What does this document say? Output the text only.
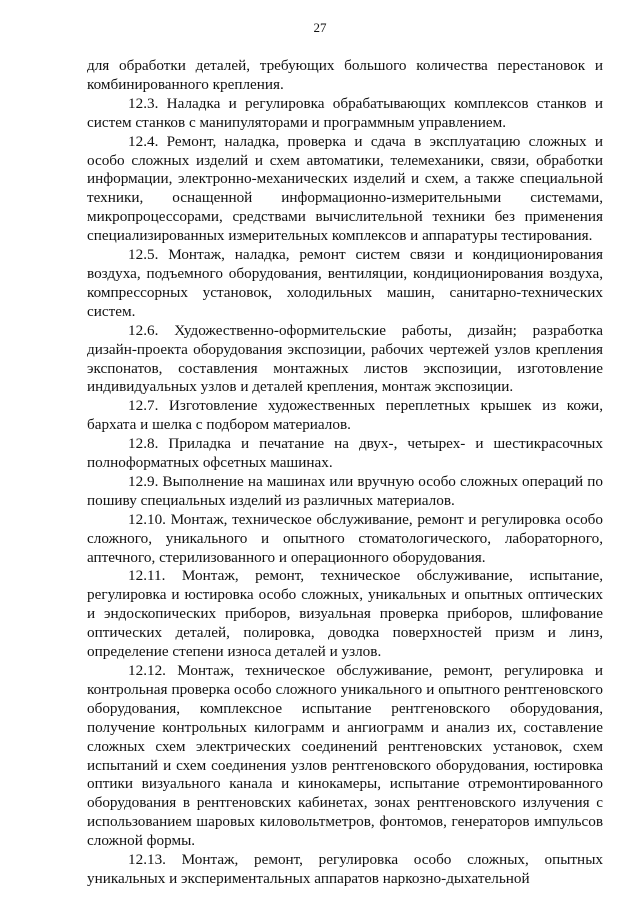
27

для обработки деталей, требующих большого количества перестановок и комбинированного крепления.

12.3. Наладка и регулировка обрабатывающих комплексов станков и систем станков с манипуляторами и программным управлением.

12.4. Ремонт, наладка, проверка и сдача в эксплуатацию сложных и особо сложных изделий и схем автоматики, телемеханики, связи, обработки информации, электронно-механических изделий и схем, а также специальной техники, оснащенной информационно-измерительными системами, микропроцессорами, средствами вычислительной техники без применения специализированных измерительных комплексов и аппаратуры тестирования.

12.5. Монтаж, наладка, ремонт систем связи и кондиционирования воздуха, подъемного оборудования, вентиляции, кондиционирования воздуха, компрессорных установок, холодильных машин, санитарно-технических систем.

12.6. Художественно-оформительские работы, дизайн; разработка дизайн-проекта оборудования экспозиции, рабочих чертежей узлов крепления экспонатов, составления монтажных листов экспозиции, изготовление индивидуальных узлов и деталей крепления, монтаж экспозиции.

12.7. Изготовление художественных переплетных крышек из кожи, бархата и шелка с подбором материалов.

12.8. Приладка и печатание на двух-, четырех- и шестикрасочных полноформатных офсетных машинах.

12.9. Выполнение на машинах или вручную особо сложных операций по пошиву специальных изделий из различных материалов.

12.10. Монтаж, техническое обслуживание, ремонт и регулировка особо сложного, уникального и опытного стоматологического, лабораторного, аптечного, стерилизованного и операционного оборудования.

12.11. Монтаж, ремонт, техническое обслуживание, испытание, регулировка и юстировка особо сложных, уникальных и опытных оптических и эндоскопических приборов, визуальная проверка приборов, шлифование оптических деталей, полировка, доводка поверхностей призм и линз, определение степени износа деталей и узлов.

12.12. Монтаж, техническое обслуживание, ремонт, регулировка и контрольная проверка особо сложного уникального и опытного рентгеновского оборудования, комплексное испытание рентгеновского оборудования, получение контрольных килограмм и ангиограмм и анализ их, составление сложных схем электрических соединений рентгеновских установок, схем испытаний и схем соединения узлов рентгеновского оборудования, юстировка оптики визуального канала и кинокамеры, испытание отремонтированного оборудования в рентгеновских кабинетах, зонах рентгеновского излучения с использованием шаровых киловольтметров, фонтомов, генераторов импульсов сложной формы.

12.13. Монтаж, ремонт, регулировка особо сложных, опытных уникальных и экспериментальных аппаратов наркозно-дыхательной
